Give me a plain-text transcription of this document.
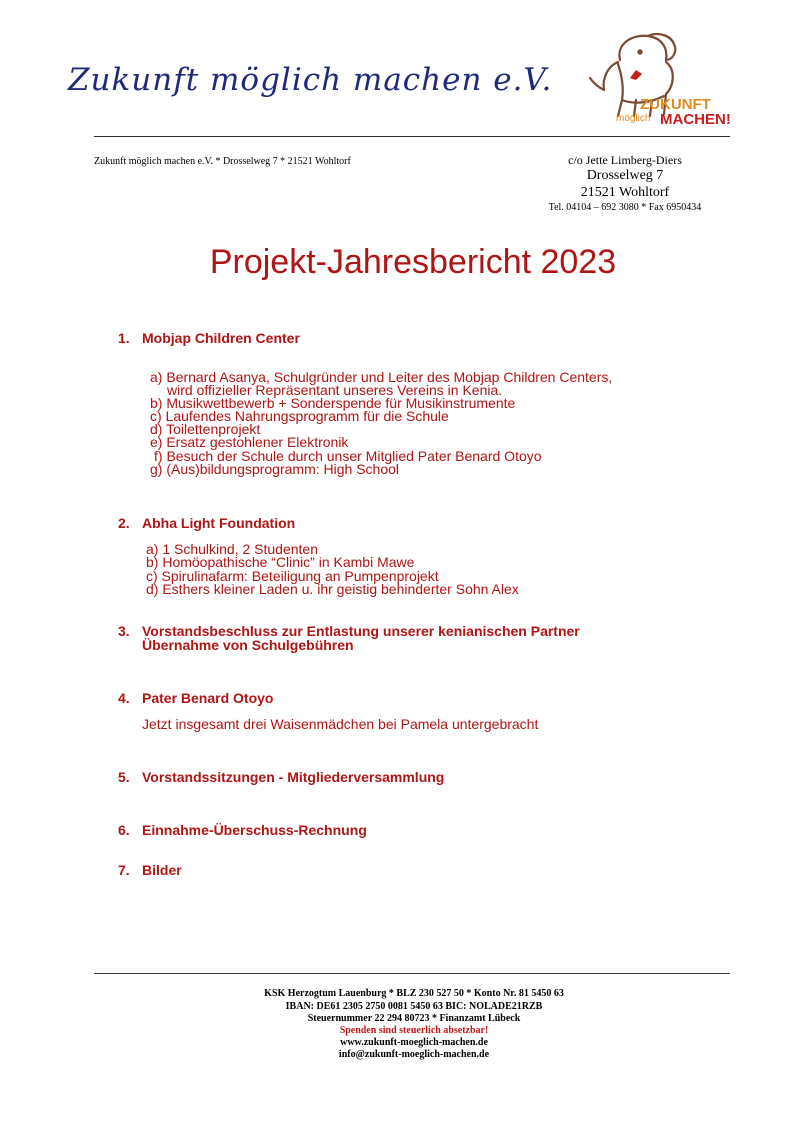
Zukunft möglich machen e.V.
ZUKUNFT
möglich MACHEN!
Zukunft möglich machen e.V. * Drosselweg 7 * 21521 Wohltorf	c/o Jette Limberg-Diers
Drosselweg 7
21521 Wohltorf
Tel. 04104 – 692 3080 * Fax 6950434
Projekt-Jahresbericht 2023
1. Mobjap Children Center
a) Bernard Asanya, Schulgründer und Leiter des Mobjap Children Centers,
wird offizieller Repräsentant unseres Vereins in Kenia.
b) Musikwettbewerb + Sonderspende für Musikinstrumente
c) Laufendes Nahrungsprogramm für die Schule
d) Toilettenprojekt
e) Ersatz gestohlener Elektronik
f) Besuch der Schule durch unser Mitglied Pater Benard Otoyo
g) (Aus)bildungsprogramm: High School
2. Abha Light Foundation
a) 1 Schulkind, 2 Studenten
b) Homöopathische “Clinic” in Kambi Mawe
c) Spirulinafarm: Beteiligung an Pumpenprojekt
d) Esthers kleiner Laden u. ihr geistig behinderter Sohn Alex
3. Vorstandsbeschluss zur Entlastung unserer kenianischen Partner
Übernahme von Schulgebühren
4. Pater Benard Otoyo
Jetzt insgesamt drei Waisenmädchen bei Pamela untergebracht
5. Vorstandssitzungen - Mitgliederversammlung
6. Einnahme-Überschuss-Rechnung
7. Bilder
KSK Herzogtum Lauenburg * BLZ 230 527 50 * Konto Nr. 81 5450 63
IBAN: DE61 2305 2750 0081 5450 63 BIC: NOLADE21RZB
Steuernummer 22 294 80723 * Finanzamt Lübeck
Spenden sind steuerlich absetzbar!
www.zukunft-moeglich-machen.de
info@zukunft-moeglich-machen.de
